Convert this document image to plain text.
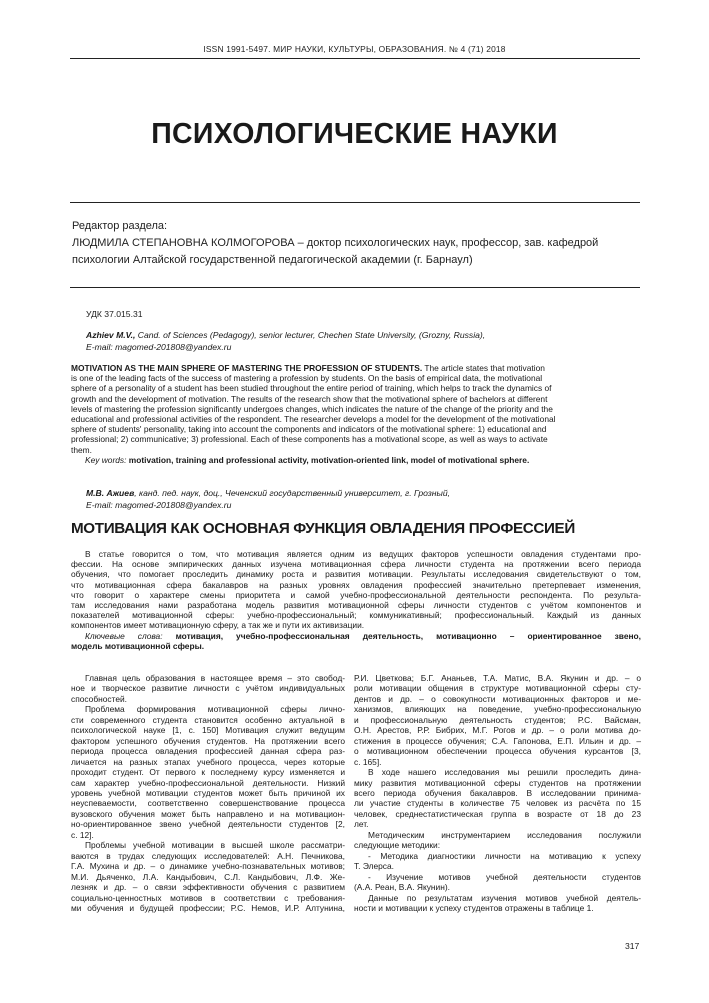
ISSN 1991-5497. МИР НАУКИ, КУЛЬТУРЫ, ОБРАЗОВАНИЯ. № 4 (71) 2018
ПСИХОЛОГИЧЕСКИЕ НАУКИ
Редактор раздела:
ЛЮДМИЛА СТЕПАНОВНА КОЛМОГОРОВА – доктор психологических наук, профессор, зав. кафедрой
психологии Алтайской государственной педагогической академии (г. Барнаул)
УДК 37.015.31
Azhiev M.V., Cand. of Sciences (Pedagogy), senior lecturer, Chechen State University, (Grozny, Russia),
E-mail: magomed-201808@yandex.ru
MOTIVATION AS THE MAIN SPHERE OF MASTERING THE PROFESSION OF STUDENTS. The article states that motivation
is one of the leading facts of the success of mastering a profession by students. On the basis of empirical data, the motivational
sphere of a personality of a student has been studied throughout the entire period of training, which helps to track the dynamics of
growth and the development of motivation. The results of the research show that the motivational sphere of bachelors at different
levels of mastering the profession significantly undergoes changes, which indicates the nature of the change of the priority and the
educational and professional activities of the respondent. The researcher develops a model for the development of the motivational
sphere of students' personality, taking into account the components and indicators of the motivational sphere: 1) educational and
professional; 2) communicative; 3) professional. Each of these components has a motivational scope, as well as ways to activate
them.
Key words: motivation, training and professional activity, motivation-oriented link, model of motivational sphere.
М.В. Ажиев, канд. пед. наук, доц., Чеченский государственный университет, г. Грозный,
E-mail: magomed-201808@yandex.ru
МОТИВАЦИЯ КАК ОСНОВНАЯ ФУНКЦИЯ ОВЛАДЕНИЯ ПРОФЕССИЕЙ
В статье говорится о том, что мотивация является одним из ведущих факторов успешности овладения студентами про-
фессии. На основе эмпирических данных изучена мотивационная сфера личности студента на протяжении всего периода
обучения, что помогает проследить динамику роста и развития мотивации. Результаты исследования свидетельствуют о том,
что мотивационная сфера бакалавров на разных уровнях овладения профессией значительно претерпевает изменения,
что говорит о характере смены приоритета и самой учебно-профессиональной деятельности респондента. По результа-
там исследования нами разработана модель развития мотивационной сферы личности студентов с учётом компонентов и
показателей мотивационной сферы: учебно-профессиональный; коммуникативный; профессиональный. Каждый из данных
компонентов имеет мотивационную сферу, а так же и пути их активизации.
Ключевые слова: мотивация, учебно-профессиональная деятельность, мотивационно – ориентированное звено,
модель мотивационной сферы.
Главная цель образования в настоящее время – это свобод-
ное и творческое развитие личности с учётом индивидуальных
способностей.
Проблема формирования мотивационной сферы лично-
сти современного студента становится особенно актуальной в
психологической науке [1, с. 150] Мотивация служит ведущим
фактором успешного обучения студентов. На протяжении всего
периода процесса овладения профессией данная сфера раз-
личается на разных этапах учебного процесса, через которые
проходит студент. От первого к последнему курсу изменяется и
сам характер учебно-профессиональной деятельности. Низкий
уровень учебной мотивации студентов может быть причиной их
неуспеваемости, соответственно совершенствование процесса
вузовского обучения может быть направлено и на мотивацион-
но-ориентированное звено учебной деятельности студентов [2,
с. 12].
Проблемы учебной мотивации в высшей школе рассматри-
ваются в трудах следующих исследователей: А.Н. Печникова,
Г.А. Мухина и др. – о динамике учебно-познавательных мотивов;
М.И. Дьяченко, Л.А. Кандыбович, С.Л. Кандыбович, Л.Ф. Же-
лезняк и др. – о связи эффективности обучения с развитием
социально-ценностных мотивов в соответствии с требования-
ми обучения и будущей профессии; Р.С. Немов, И.Р. Алтунина,
Р.И. Цветкова; Б.Г. Ананьев, Т.А. Матис, В.А. Якунин и др. – о
роли мотивации общения в структуре мотивационной сферы сту-
дентов и др. – о совокупности мотивационных факторов и ме-
ханизмов, влияющих на поведение, учебно-профессиональную
и профессиональную деятельность студентов; Р.С. Вайсман,
О.Н. Арестов, Р.Р. Бибрих, М.Г. Рогов и др. – о роли мотива до-
стижения в процессе обучения; С.А. Гапонова, Е.П. Ильин и др. –
о мотивационном обеспечении процесса обучения курсантов [3,
с. 165].
В ходе нашего исследования мы решили проследить дина-
мику развития мотивационной сферы студентов на протяжении
всего периода обучения бакалавров. В исследовании принима-
ли участие студенты в количестве 75 человек из расчёта по 15
человек, среднестатистическая группа в возрасте от 18 до 23
лет.
Методическим инструментарием исследования послужили
следующие методики:
- Методика диагностики личности на мотивацию к успеху
Т. Элерса.
- Изучение мотивов учебной деятельности студентов
(А.А. Реан, В.А. Якунин).
Данные по результатам изучения мотивов учебной деятель-
ности и мотивации к успеху студентов отражены в таблице 1.
317
